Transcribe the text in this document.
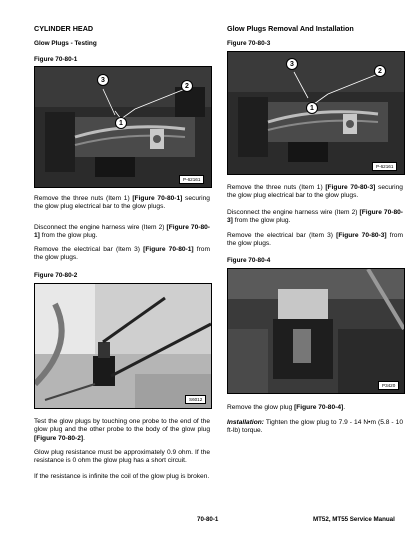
CYLINDER HEAD
Glow Plugs - Testing
Figure 70-80-1
3
2
1
P-62161
Remove the three nuts (Item 1) [Figure 70-80-1] securing the glow plug electrical bar to the glow plugs.
Disconnect the engine harness wire (Item 2) [Figure 70-80-1] from the glow plug.
Remove the electrical bar (Item 3) [Figure 70-80-1] from the glow plugs.
Figure 70-80-2
S6012
Test the glow plugs by touching one probe to the end of the glow plug and the other probe to the body of the glow plug [Figure 70-80-2].
Glow plug resistance must be approximately 0.9 ohm. If the resistance is 0 ohm the glow plug has a short circuit.
If the resistance is infinite the coil of the glow plug is broken.
Glow Plugs Removal And Installation
Figure 70-80-3
3
2
1
P-62161
Remove the three nuts (Item 1) [Figure 70-80-3] securing the glow plug electrical bar to the glow plugs.
Disconnect the engine harness wire (Item 2) [Figure 70-80-3] from the glow plug.
Remove the electrical bar (Item 3) [Figure 70-80-3] from the glow plugs.
Figure 70-80-4
P3420
Remove the glow plug [Figure 70-80-4].
Installation: Tighten the glow plug to 7.9 - 14 N•m (5.8 - 10 ft-lb) torque.
70-80-1	MT52, MT55 Service Manual
